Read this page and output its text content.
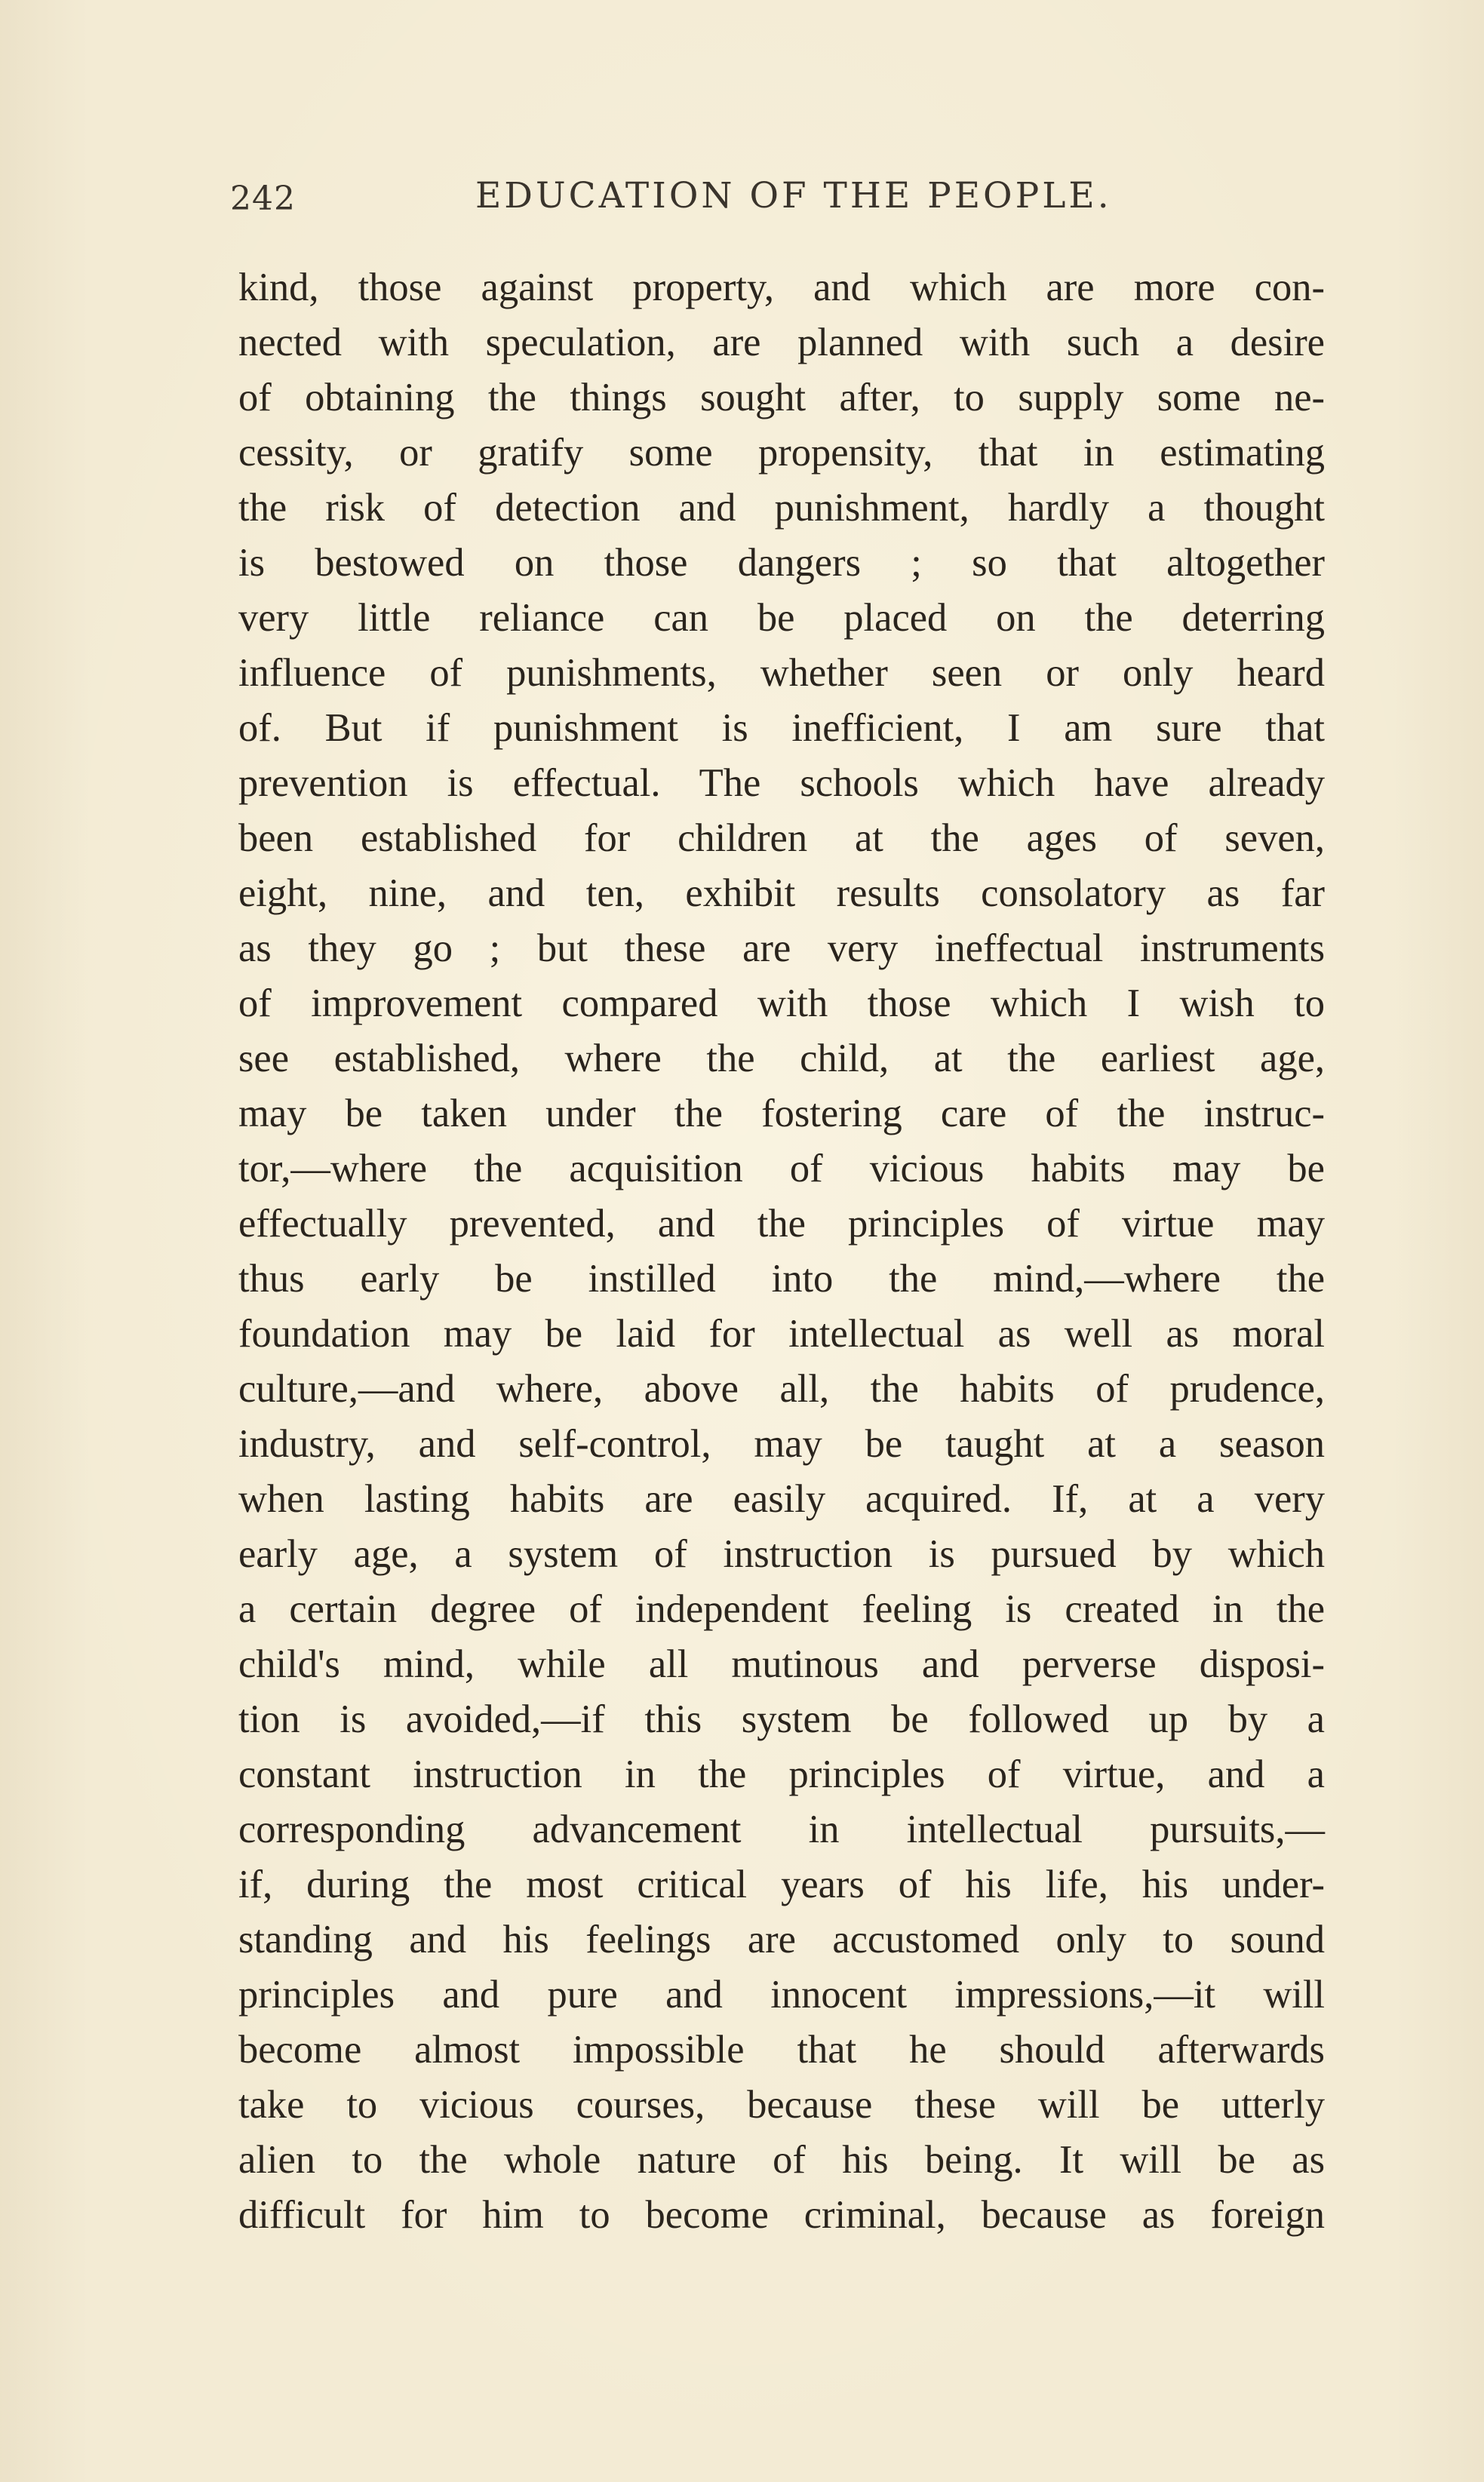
242	EDUCATION OF THE PEOPLE.
kind, those against property, and which are more con-
nected with speculation, are planned with such a desire
of obtaining the things sought after, to supply some ne-
cessity, or gratify some propensity, that in estimating
the risk of detection and punishment, hardly a thought
is bestowed on those dangers ; so that altogether
very little reliance can be placed on the deterring
influence of punishments, whether seen or only heard
of. But if punishment is inefficient, I am sure that
prevention is effectual. The schools which have already
been established for children at the ages of seven,
eight, nine, and ten, exhibit results consolatory as far
as they go ; but these are very ineffectual instruments
of improvement compared with those which I wish to
see established, where the child, at the earliest age,
may be taken under the fostering care of the instruc-
tor,—where the acquisition of vicious habits may be
effectually prevented, and the principles of virtue may
thus early be instilled into the mind,—where the
foundation may be laid for intellectual as well as moral
culture,—and where, above all, the habits of prudence,
industry, and self-control, may be taught at a season
when lasting habits are easily acquired. If, at a very
early age, a system of instruction is pursued by which
a certain degree of independent feeling is created in the
child's mind, while all mutinous and perverse disposi-
tion is avoided,—if this system be followed up by a
constant instruction in the principles of virtue, and a
corresponding advancement in intellectual pursuits,—
if, during the most critical years of his life, his under-
standing and his feelings are accustomed only to sound
principles and pure and innocent impressions,—it will
become almost impossible that he should afterwards
take to vicious courses, because these will be utterly
alien to the whole nature of his being. It will be as
difficult for him to become criminal, because as foreign
